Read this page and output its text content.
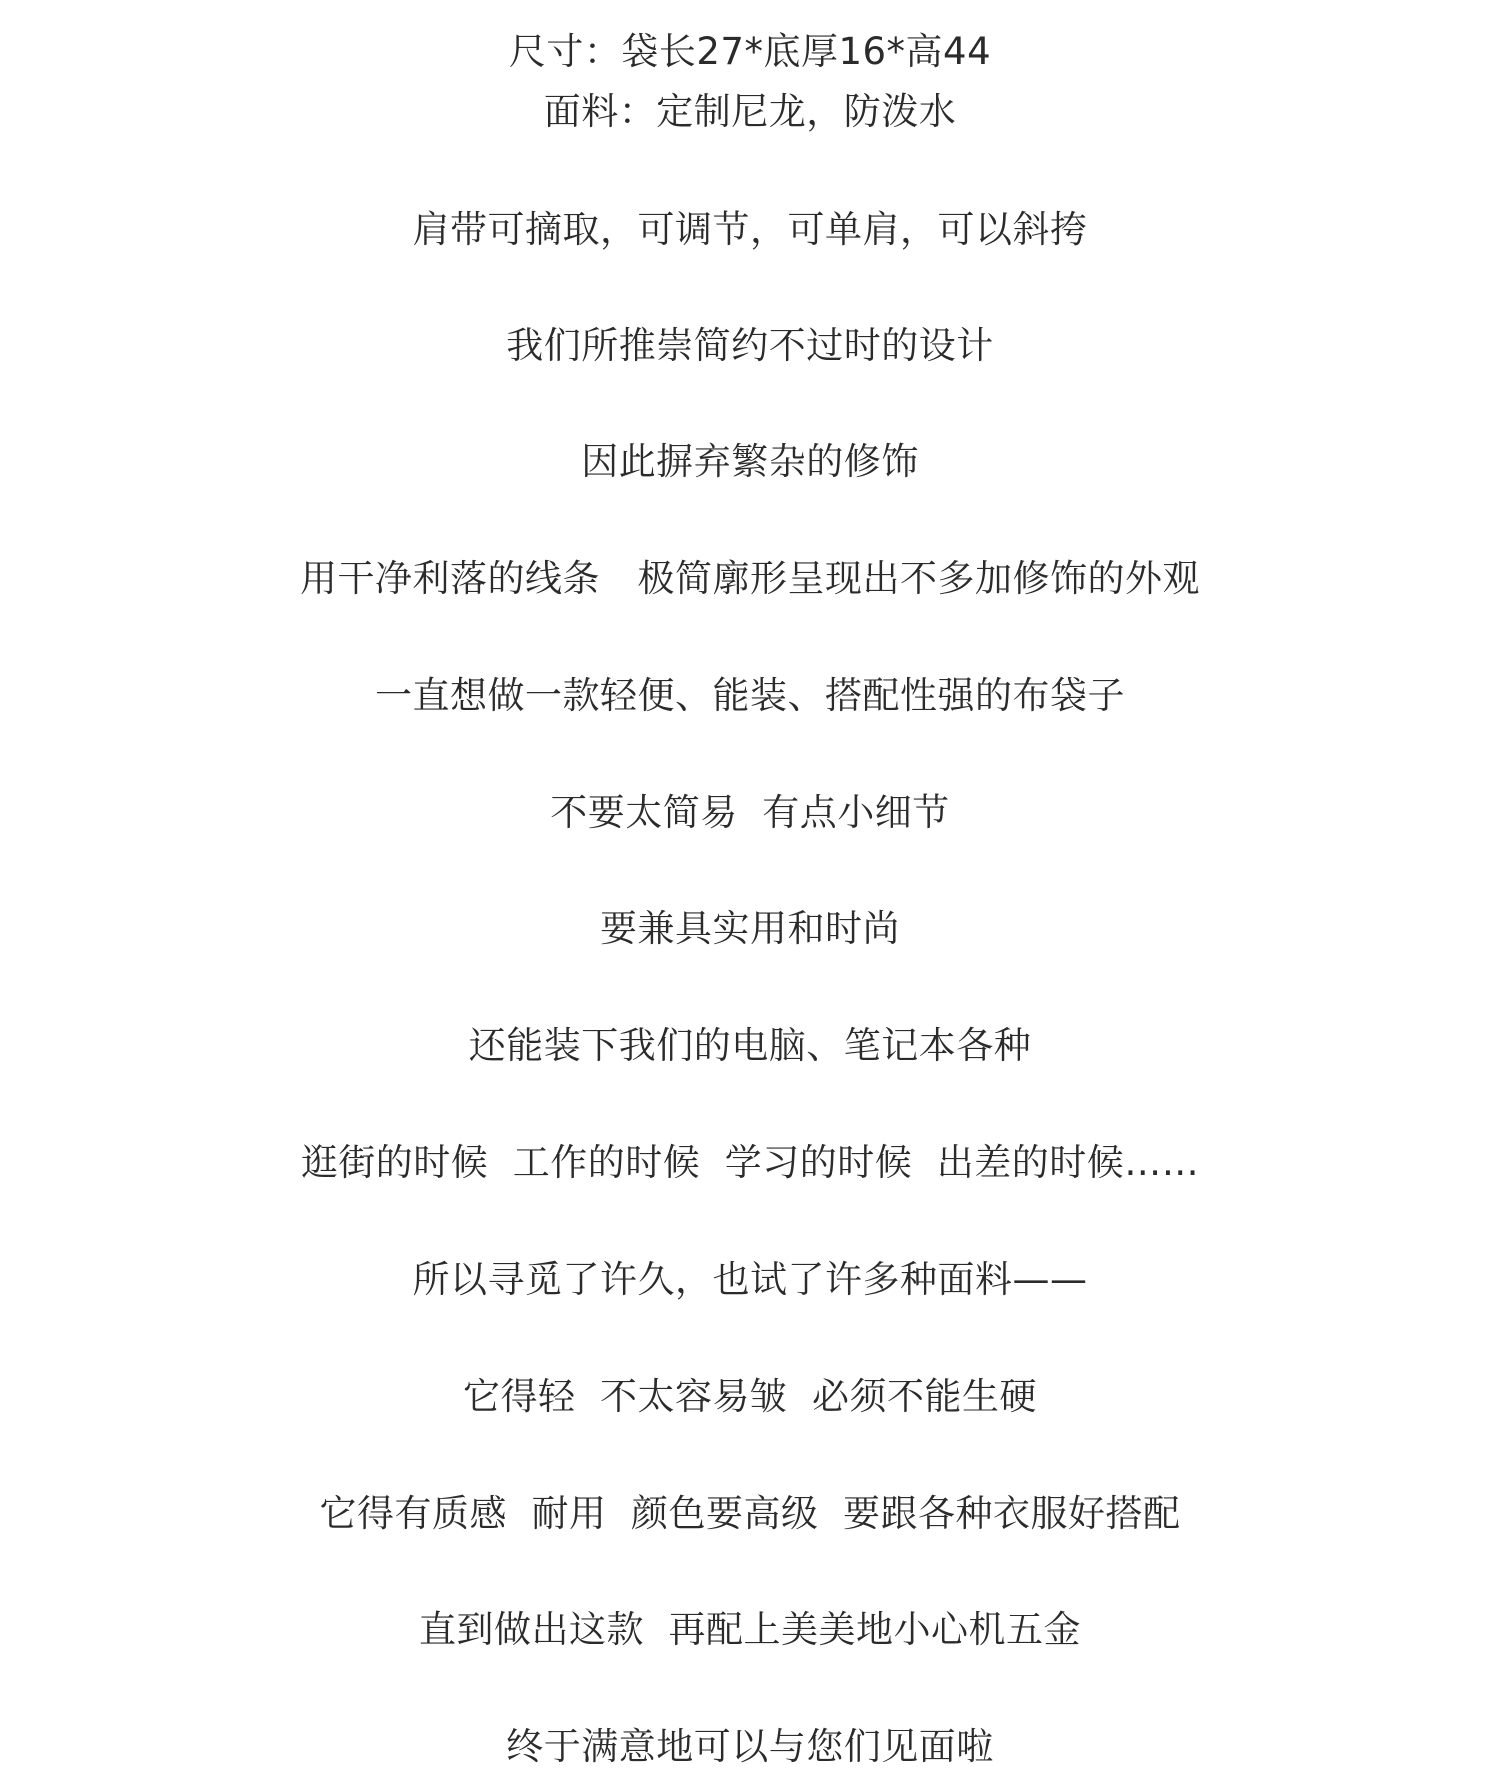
尺寸：袋长27*底厚16*高44
面料：定制尼龙，防泼水
肩带可摘取，可调节，可单肩，可以斜挎
我们所推崇简约不过时的设计
因此摒弃繁杂的修饰
用干净利落的线条　极简廓形呈现出不多加修饰的外观
一直想做一款轻便、能装、搭配性强的布袋子
不要太简易  有点小细节
要兼具实用和时尚
还能装下我们的电脑、笔记本各种
逛街的时候  工作的时候  学习的时候  出差的时候……
所以寻觅了许久，也试了许多种面料——
它得轻  不太容易皱  必须不能生硬
它得有质感  耐用  颜色要高级  要跟各种衣服好搭配
直到做出这款  再配上美美地小心机五金
终于满意地可以与您们见面啦
